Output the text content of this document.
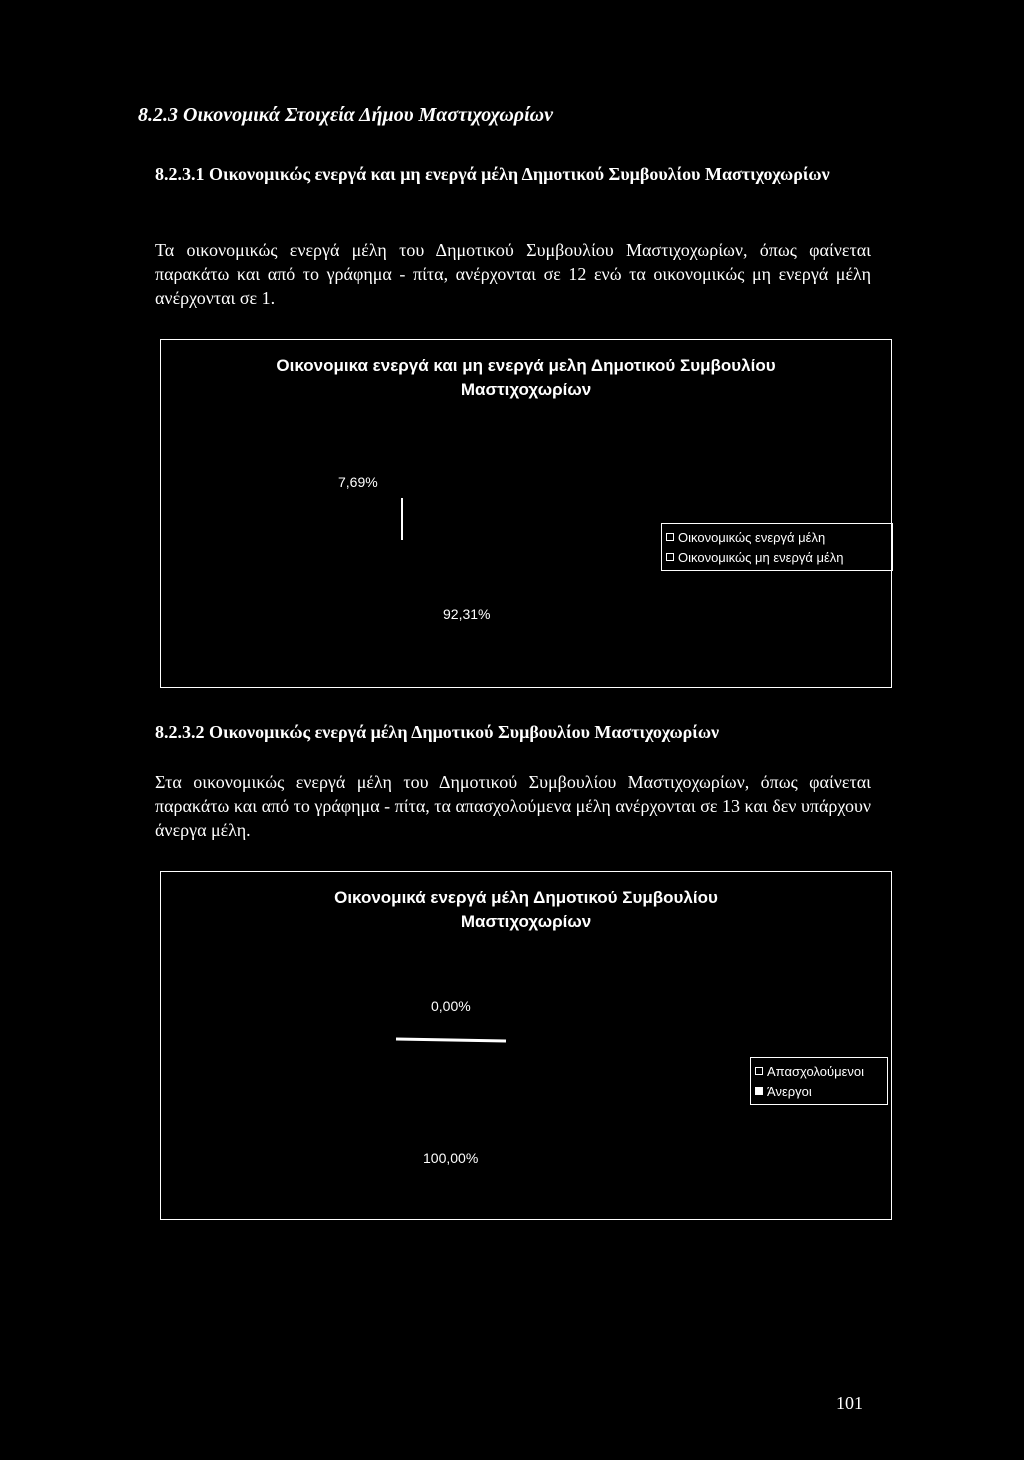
8.2.3 Οικονομικά Στοιχεία Δήμου Μαστιχοχωρίων
8.2.3.1 Οικονομικώς ενεργά και μη ενεργά μέλη Δημοτικού Συμβουλίου Μαστιχοχωρίων
Τα οικονομικώς ενεργά μέλη του Δημοτικού Συμβουλίου Μαστιχοχωρίων, όπως φαίνεται παρακάτω και από το γράφημα - πίτα, ανέρχονται σε 12 ενώ τα οικονομικώς μη ενεργά μέλη ανέρχονται σε 1.
Οικονομικα ενεργά και μη ενεργά μελη Δημοτικού Συμβουλίου
Μαστιχοχωρίων
7,69%
92,31%
Οικονομικώς ενεργά μέλη
Οικονομικώς μη ενεργά μέλη
8.2.3.2 Οικονομικώς ενεργά μέλη Δημοτικού Συμβουλίου Μαστιχοχωρίων
Στα οικονομικώς ενεργά μέλη του Δημοτικού Συμβουλίου Μαστιχοχωρίων, όπως φαίνεται παρακάτω και από το γράφημα - πίτα, τα απασχολούμενα μέλη ανέρχονται σε 13 και δεν υπάρχουν άνεργα μέλη.
Οικονομικά ενεργά μέλη Δημοτικού Συμβουλίου
Μαστιχοχωρίων
0,00%
100,00%
Απασχολούμενοι
Άνεργοι
101
